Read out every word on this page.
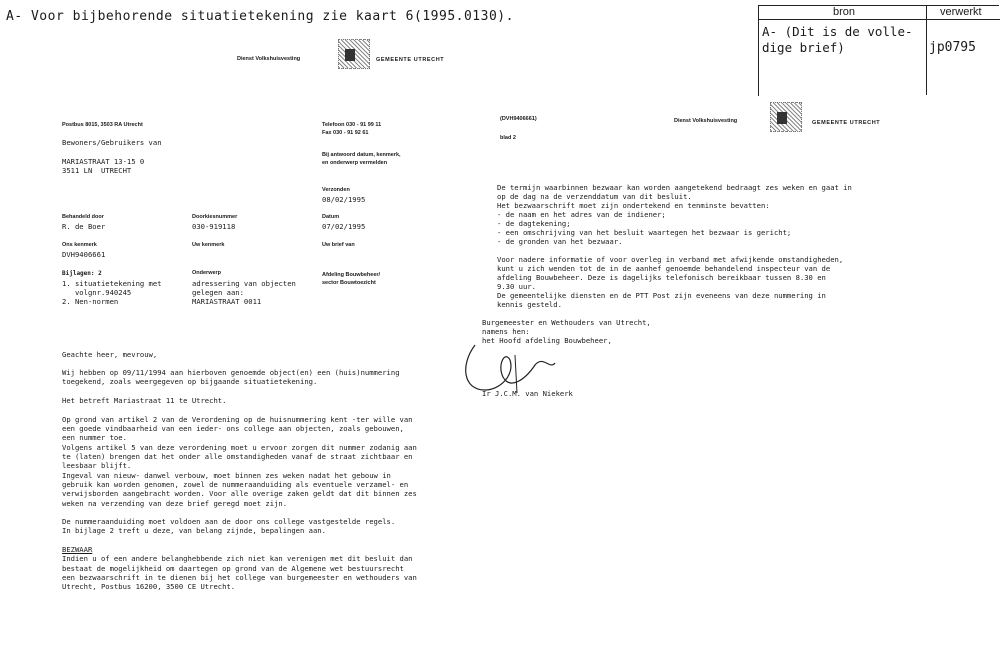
A- Voor bijbehorende situatietekening zie kaart 6(1995.0130).	bron	verwerkt
A- (Dit is de volle-
dige brief)	jp0795
Dienst Volkshuisvesting	GEMEENTE UTRECHT
Postbus 8015, 3503 RA Utrecht	Telefoon 030 - 91 99 11
Fax 030 - 91 92 61
Bewoners/Gebruikers van
MARIASTRAAT 13-15 0
3511 LN  UTRECHT
Bij antwoord datum, kenmerk,
en onderwerp vermelden
Verzonden
08/02/1995
Behandeld door
R. de Boer
Doorkiesnummer
030-919118
Datum
07/02/1995
Ons kenmerk
DVH9406661
Uw kenmerk	Uw brief van
Bijlagen: 2
1. situatietekening met
volgnr.940245
2. Nen-normen
Onderwerp
adressering van objecten
gelegen aan:
MARIASTRAAT 0011
Afdeling Bouwbeheer/
sector Bouwtoezicht
Geachte heer, mevrouw,
Wij hebben op 09/11/1994 aan hierboven genoemde object(en) een (huis)nummering
toegekend, zoals weergegeven op bijgaande situatietekening.
Het betreft Mariastraat 11 te Utrecht.
Op grond van artikel 2 van de Verordening op de huisnummering kent -ter wille van
een goede vindbaarheid van een ieder- ons college aan objecten, zoals gebouwen,
een nummer toe.
Volgens artikel 5 van deze verordening moet u ervoor zorgen dit nummer zodanig aan
te (laten) brengen dat het onder alle omstandigheden vanaf de straat zichtbaar en
leesbaar blijft.
Ingeval van nieuw- danwel verbouw, moet binnen zes weken nadat het gebouw in
gebruik kan worden genomen, zowel de nummeraanduiding als eventuele verzamel- en
verwijsborden aangebracht worden. Voor alle overige zaken geldt dat dit binnen zes
weken na verzending van deze brief geregd moet zijn.
De nummeraanduiding moet voldoen aan de door ons college vastgestelde regels.
In bijlage 2 treft u deze, van belang zijnde, bepalingen aan.
BEZWAAR
Indien u of een andere belanghebbende zich niet kan verenigen met dit besluit dan
bestaat de mogelijkheid om daartegen op grond van de Algemene wet bestuursrecht
een bezwaarschrift in te dienen bij het college van burgemeester en wethouders van
Utrecht, Postbus 16200, 3500 CE Utrecht.
(DVH9406661)
blad 2
Dienst Volkshuisvesting	GEMEENTE UTRECHT
De termijn waarbinnen bezwaar kan worden aangetekend bedraagt zes weken en gaat in
op de dag na de verzenddatum van dit besluit.
Het bezwaarschrift moet zijn ondertekend en tenminste bevatten:
- de naam en het adres van de indiener;
- de dagtekening;
- een omschrijving van het besluit waartegen het bezwaar is gericht;
- de gronden van het bezwaar.
Voor nadere informatie of voor overleg in verband met afwijkende omstandigheden,
kunt u zich wenden tot de in de aanhef genoemde behandelend inspecteur van de
afdeling Bouwbeheer. Deze is dagelijks telefonisch bereikbaar tussen 8.30 en
9.30 uur.
De gemeentelijke diensten en de PTT Post zijn eveneens van deze nummering in
kennis gesteld.
Burgemeester en Wethouders van Utrecht,
namens hen:
het Hoofd afdeling Bouwbeheer,
Ir J.C.M. van Niekerk
